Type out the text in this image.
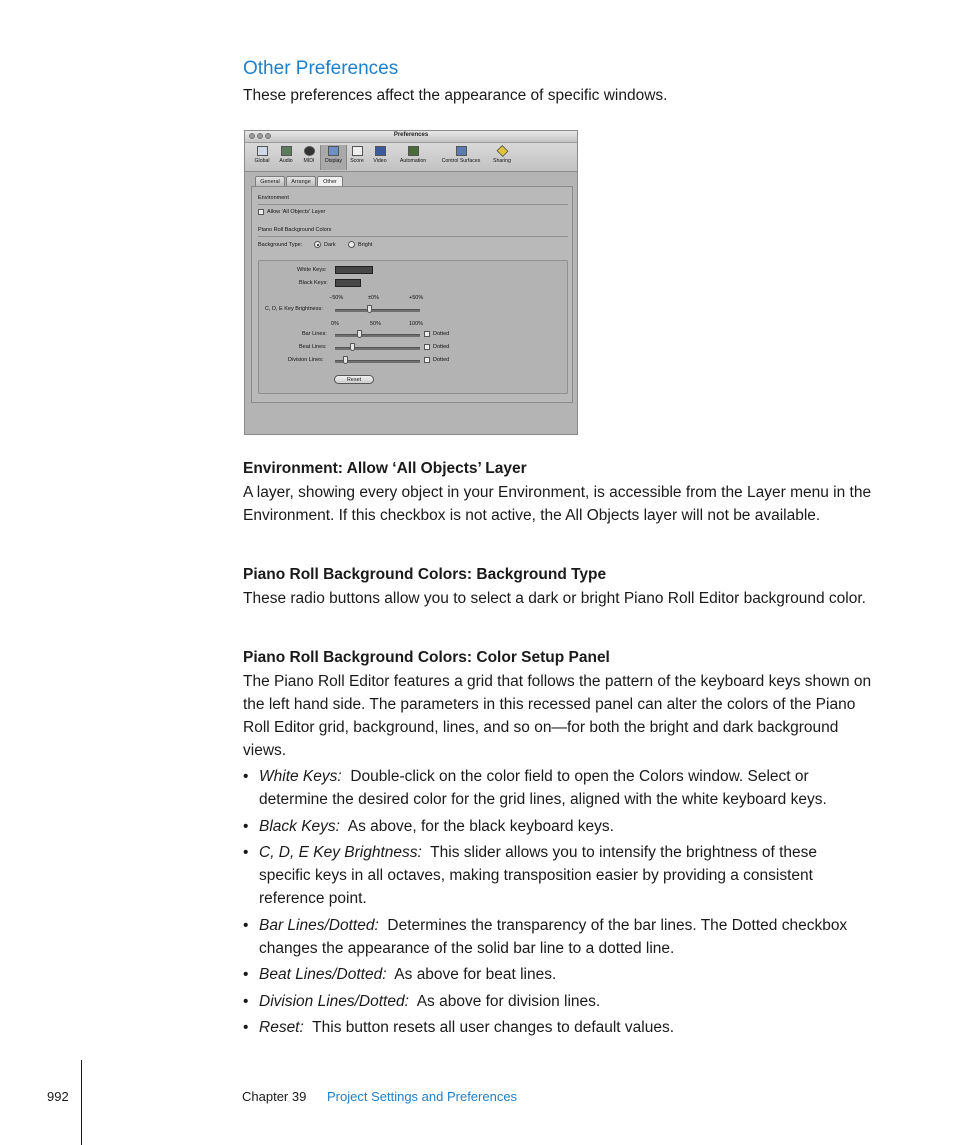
Other Preferences
These preferences affect the appearance of specific windows.
Preferences
Global	Audio	MIDI	Display	Score	Video	Automation	Control Surfaces	Sharing
General	Arrange	Other
Environment
Allow 'All Objects' Layer
Piano Roll Background Colors
Background Type:	Dark	Bright
White Keys:
Black Keys:
−50%	±0%	+50%
C, D, E Key Brightness:
0%	50%	100%
Bar Lines:	Dotted
Beat Lines:	Dotted
Division Lines:	Dotted
Reset
Environment: Allow ‘All Objects’ Layer
A layer, showing every object in your Environment, is accessible from the Layer menu in the Environment. If this checkbox is not active, the All Objects layer will not be available.
Piano Roll Background Colors: Background Type
These radio buttons allow you to select a dark or bright Piano Roll Editor background color.
Piano Roll Background Colors: Color Setup Panel
The Piano Roll Editor features a grid that follows the pattern of the keyboard keys shown on the left hand side. The parameters in this recessed panel can alter the colors of the Piano Roll Editor grid, background, lines, and so on—for both the bright and dark background views.
• White Keys: Double-click on the color field to open the Colors window. Select or determine the desired color for the grid lines, aligned with the white keyboard keys.
• Black Keys: As above, for the black keyboard keys.
• C, D, E Key Brightness: This slider allows you to intensify the brightness of these specific keys in all octaves, making transposition easier by providing a consistent reference point.
• Bar Lines/Dotted: Determines the transparency of the bar lines. The Dotted checkbox changes the appearance of the solid bar line to a dotted line.
• Beat Lines/Dotted: As above for beat lines.
• Division Lines/Dotted: As above for division lines.
• Reset: This button resets all user changes to default values.
992	Chapter 39 Project Settings and Preferences
